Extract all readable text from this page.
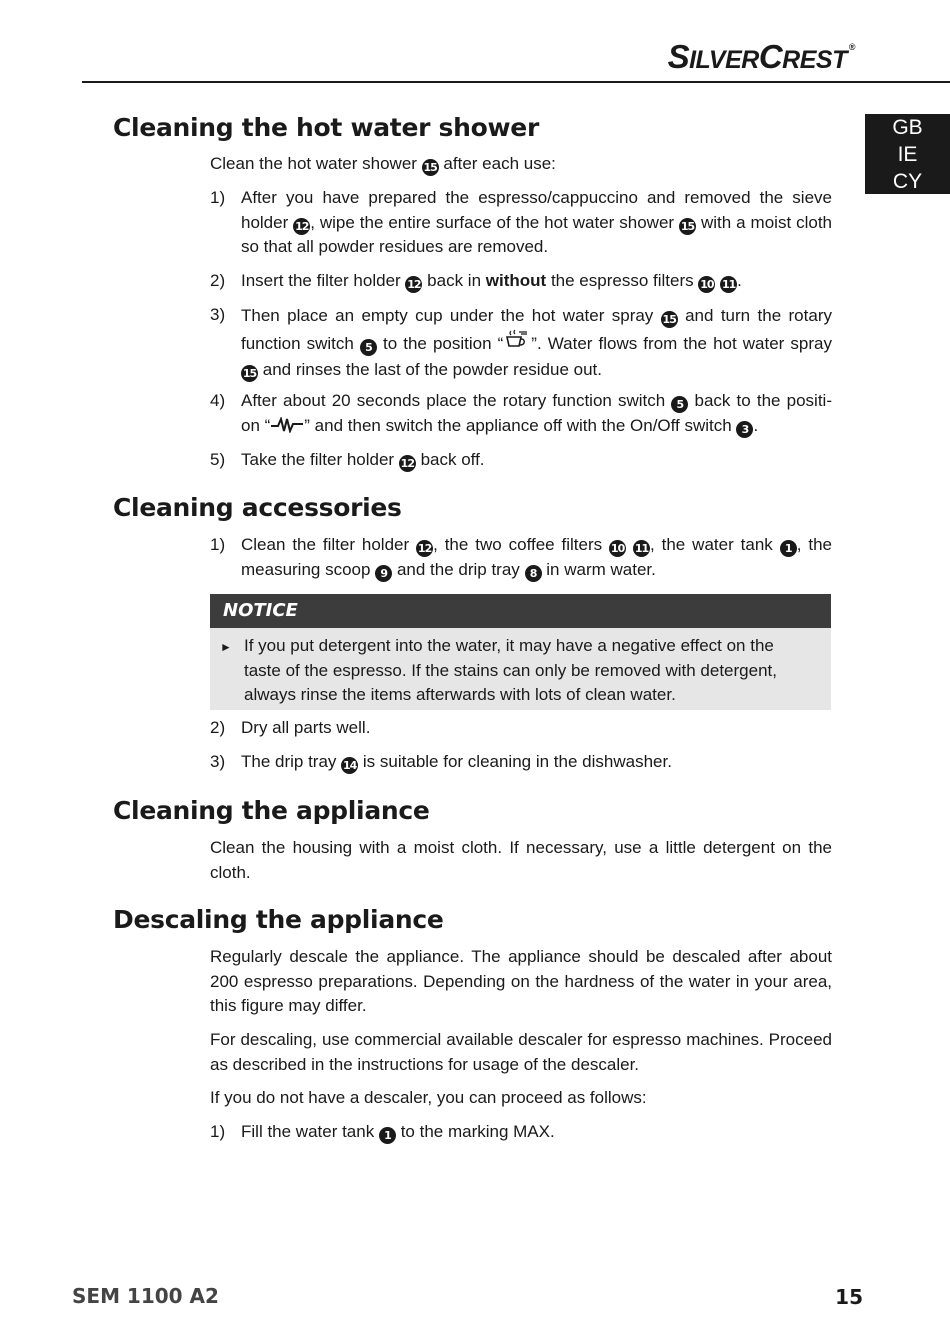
SILVERCREST ®
GB
IE
CY
Cleaning the hot water shower
Clean the hot water shower 15 after each use:
1) After you have prepared the espresso/cappuccino and removed the sieve holder 12 , wipe the entire surface of the hot water shower 15 with a moist cloth so that all powder residues are removed.
2) Insert the filter holder 12 back in without the espresso filters 10 11 .
3) Then place an empty cup under the hot water spray 15 and turn the rotary function switch 5 to the position “ ”. Water flows from the hot water spray 15 and rinses the last of the powder residue out.
4) After about 20 seconds place the rotary function switch 5 back to the positi-on “ ” and then switch the appliance off with the On/Off switch 3 .
5) Take the filter holder 12 back off.
Cleaning accessories
1) Clean the filter holder 12 , the two coffee filters 10 11 , the water tank 1 , the measuring scoop 9 and the drip tray 8 in warm water.
NOTICE
► If you put detergent into the water, it may have a negative effect on the taste of the espresso. If the stains can only be removed with detergent, always rinse the items afterwards with lots of clean water.
2) Dry all parts well.
3) The drip tray 14 is suitable for cleaning in the dishwasher.
Cleaning the appliance
Clean the housing with a moist cloth. If necessary, use a little detergent on the cloth.
Descaling the appliance
Regularly descale the appliance. The appliance should be descaled after about 200 espresso preparations. Depending on the hardness of the water in your area, this figure may differ.
For descaling, use commercial available descaler for espresso machines. Proceed as described in the instructions for usage of the descaler.
If you do not have a descaler, you can proceed as follows:
1) Fill the water tank 1 to the marking MAX.
SEM 1100 A2	15
